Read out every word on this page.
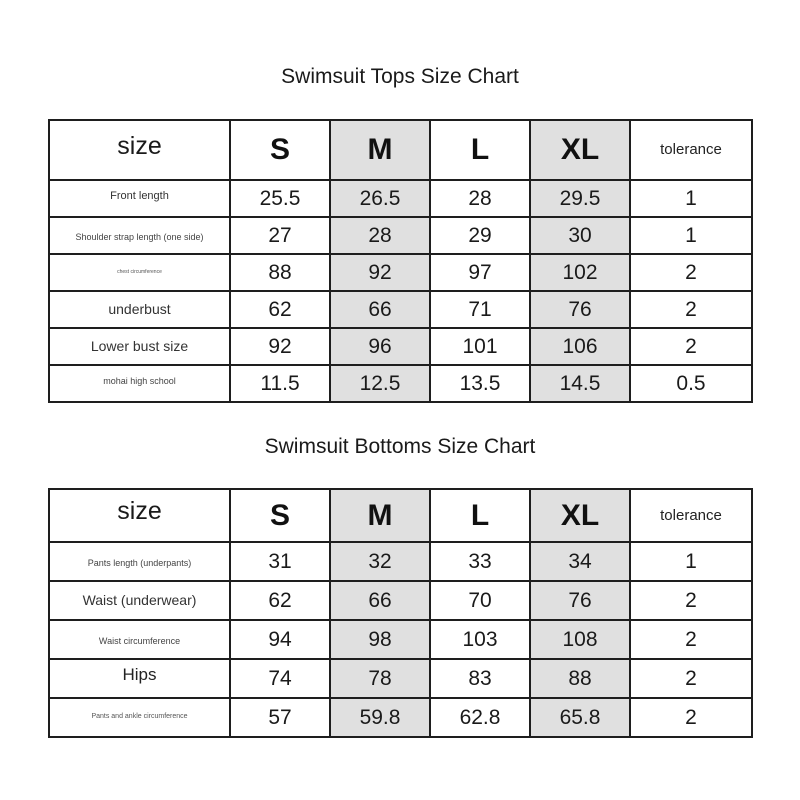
Swimsuit Tops Size Chart
size	S	M	L	XL	tolerance
$^{Front length}$	25.5	26.5	28	29.5	1
Shoulder strap length (one side)	27	28	29	30	1
$^{chest circumference}$	88	92	97	102	2
underbust	62	66	71	76	2
Lower bust size	92	96	101	106	2
$^{mohai high school}$	11.5	12.5	13.5	14.5	0.5
Swimsuit Bottoms Size Chart
size	S	M	L	XL	tolerance
Pants length (underpants)	31	32	33	34	1
Waist (underwear)	62	66	70	76	2
Waist circumference	94	98	103	108	2
Hips	74	78	83	88	2
$^{Pants and ankle circumference}$	57	59.8	62.8	65.8	2
